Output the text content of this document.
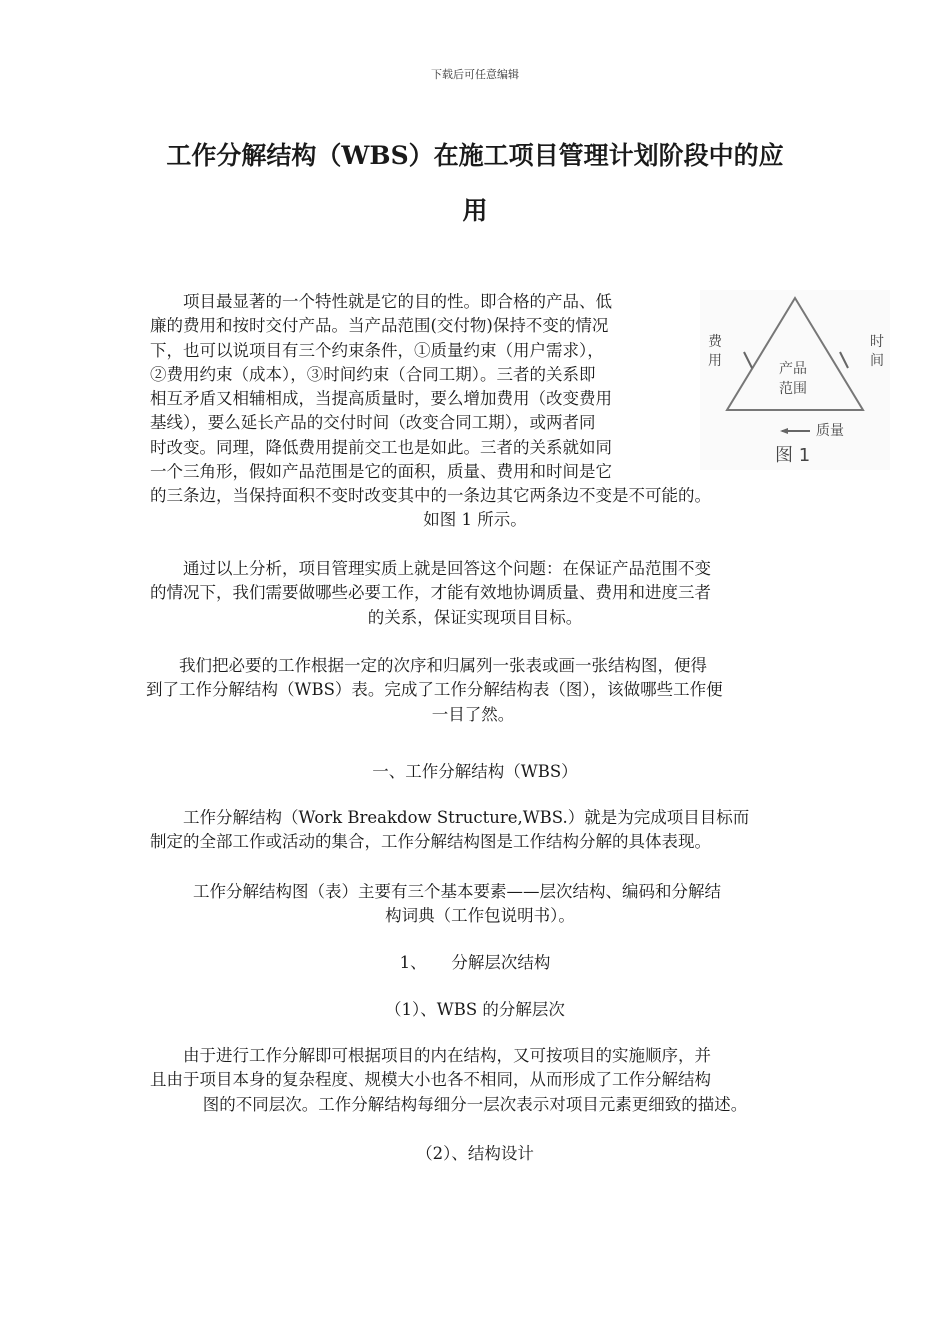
下载后可任意编辑
工作分解结构（WBS）在施工项目管理计划阶段中的应
用
费
用
时
间
产品
范围
质量
图 1
项目最显著的一个特性就是它的目的性。即合格的产品、低
廉的费用和按时交付产品。当产品范围(交付物)保持不变的情况
下，也可以说项目有三个约束条件，①质量约束（用户需求），
②费用约束（成本），③时间约束（合同工期）。三者的关系即
相互矛盾又相辅相成，当提高质量时，要么增加费用（改变费用
基线），要么延长产品的交付时间（改变合同工期），或两者同
时改变。同理，降低费用提前交工也是如此。三者的关系就如同
一个三角形，假如产品范围是它的面积，质量、费用和时间是它
的三条边，当保持面积不变时改变其中的一条边其它两条边不变是不可能的。
如图 1 所示。
通过以上分析，项目管理实质上就是回答这个问题：在保证产品范围不变
的情况下，我们需要做哪些必要工作，才能有效地协调质量、费用和进度三者
的关系，保证实现项目目标。
我们把必要的工作根据一定的次序和归属列一张表或画一张结构图，便得
到了工作分解结构（WBS）表。完成了工作分解结构表（图），该做哪些工作便
一目了然。
一、工作分解结构（WBS）
工作分解结构（Work Breakdow Structure,WBS.）就是为完成项目目标而
制定的全部工作或活动的集合，工作分解结构图是工作结构分解的具体表现。
工作分解结构图（表）主要有三个基本要素——层次结构、编码和分解结
构词典（工作包说明书）。
1、　　分解层次结构
（1）、WBS 的分解层次
由于进行工作分解即可根据项目的内在结构，又可按项目的实施顺序，并
且由于项目本身的复杂程度、规模大小也各不相同，从而形成了工作分解结构
图的不同层次。工作分解结构每细分一层次表示对项目元素更细致的描述。
（2）、结构设计
